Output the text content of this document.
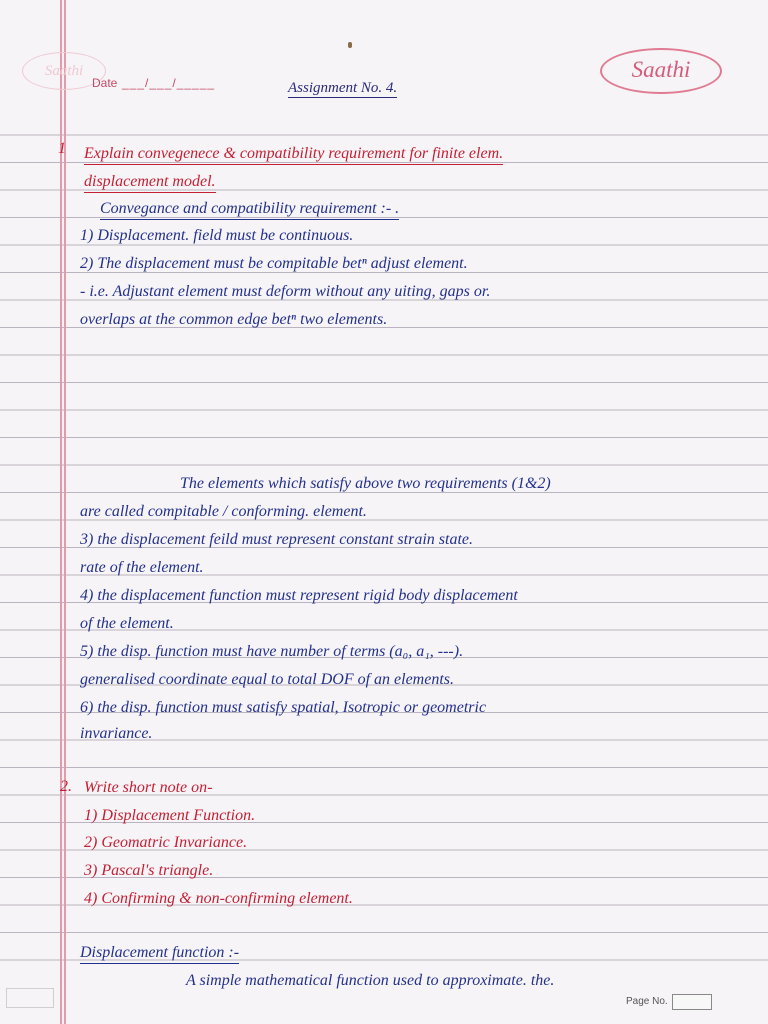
Saathi
Date ___/___/_____
Saathi
Assignment No. 4.
1 Explain convegenece & compatibility requirement for finite elem.
displacement model.
Convegance and compatibility requirement :- .
1) Displacement. field must be continuous.
2) The displacement must be compitable betⁿ adjust element.
- i.e. Adjustant element must deform without any uiting, gaps or.
overlaps at the common edge betⁿ two elements.
The elements which satisfy above two requirements (1&2)
are called compitable / conforming. element.
3) the displacement feild must represent constant strain state.
rate of the element.
4) the displacement function must represent rigid body displacement
of the element.
5) the disp. function must have number of terms (a₀, a₁, ---).
generalised coordinate equal to total DOF of an elements.
6) the disp. function must satisfy spatial, Isotropic or geometric
invariance.
2. Write short note on-
1) Displacement Function.
2) Geomatric Invariance.
3) Pascal's triangle.
4) Confirming & non-confirming element.
Displacement function :-
A simple mathematical function used to approximate. the.
Page No.
